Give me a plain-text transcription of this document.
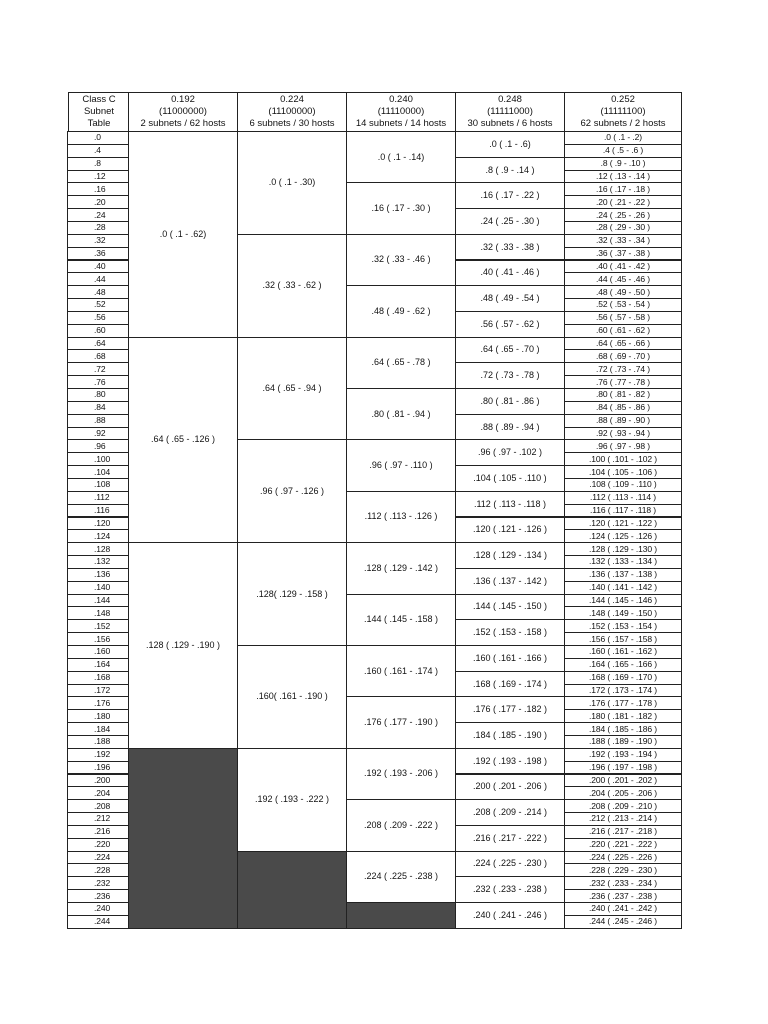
Class C
Subnet
Table
0.192
(11000000)
2 subnets / 62 hosts
0.224
(11100000)
6 subnets / 30 hosts
0.240
(11110000)
14 subnets / 14 hosts
0.248
(11111000)
30 subnets / 6 hosts
0.252
(11111100)
62 subnets / 2 hosts
.0
.4
.8
.12
.16
.20
.24
.28
.32
.36
.40
.44
.48
.52
.56
.60
.64
.68
.72
.76
.80
.84
.88
.92
.96
.100
.104
.108
.112
.116
.120
.124
.128
.132
.136
.140
.144
.148
.152
.156
.160
.164
.168
.172
.176
.180
.184
.188
.192
.196
.200
.204
.208
.212
.216
.220
.224
.228
.232
.236
.240
.244
.0 ( .1 - .62)
.64 ( .65 - .126 )
.128 ( .129 - .190 )
.0 ( .1 - .30)
.32 ( .33 - .62 )
.64 ( .65 - .94 )
.96 ( .97 - .126 )
.128( .129 - .158 )
.160( .161 - .190 )
.192 ( .193 - .222 )
.0 ( .1 - .14)
.16 ( .17 - .30 )
.32 ( .33 - .46 )
.48 ( .49 - .62 )
.64 ( .65 - .78 )
.80 ( .81 - .94 )
.96 ( .97 - .110 )
.112 ( .113 - .126 )
.128 ( .129 - .142 )
.144 ( .145 - .158 )
.160 ( .161 - .174 )
.176 ( .177 - .190 )
.192 ( .193 - .206 )
.208 ( .209 - .222 )
.224 ( .225 - .238 )
.0 ( .1 - .6)
.8 ( .9 - .14 )
.16 ( .17 - .22 )
.24 ( .25 - .30 )
.32 ( .33 - .38 )
.40 ( .41 - .46 )
.48 ( .49 - .54 )
.56 ( .57 - .62 )
.64 ( .65 - .70 )
.72 ( .73 - .78 )
.80 ( .81 - .86 )
.88 ( .89 - .94 )
.96 ( .97 - .102 )
.104 ( .105 - .110 )
.112 ( .113 - .118 )
.120 ( .121 - .126 )
.128 ( .129 - .134 )
.136 ( .137 - .142 )
.144 ( .145 - .150 )
.152 ( .153 - .158 )
.160 ( .161 - .166 )
.168 ( .169 - .174 )
.176 ( .177 - .182 )
.184 ( .185 - .190 )
.192 ( .193 - .198 )
.200 ( .201 - .206 )
.208 ( .209 - .214 )
.216 ( .217 - .222 )
.224 ( .225 - .230 )
.232 ( .233 - .238 )
.240 ( .241 - .246 )
.0 ( .1 - .2)
.4 ( .5 - .6 )
.8 ( .9 - .10 )
.12 ( .13 - .14 )
.16 ( .17 - .18 )
.20 ( .21 - .22 )
.24 ( .25 - .26 )
.28 ( .29 - .30 )
.32 ( .33 - .34 )
.36 ( .37 - .38 )
.40 ( .41 - .42 )
.44 ( .45 - .46 )
.48 ( .49 - .50 )
.52 ( .53 - .54 )
.56 ( .57 - .58 )
.60 ( .61 - .62 )
.64 ( .65 - .66 )
.68 ( .69 - .70 )
.72 ( .73 - .74 )
.76 ( .77 - .78 )
.80 ( .81 - .82 )
.84 ( .85 - .86 )
.88 ( .89 - .90 )
.92 ( .93 - .94 )
.96 ( .97 - .98 )
.100 ( .101 - .102 )
.104 ( .105 - .106 )
.108 ( .109 - .110 )
.112 ( .113 - .114 )
.116 ( .117 - .118 )
.120 ( .121 - .122 )
.124 ( .125 - .126 )
.128 ( .129 - .130 )
.132 ( .133 - .134 )
.136 ( .137 - .138 )
.140 ( .141 - .142 )
.144 ( .145 - .146 )
.148 ( .149 - .150 )
.152 ( .153 - .154 )
.156 ( .157 - .158 )
.160 ( .161 - .162 )
.164 ( .165 - .166 )
.168 ( .169 - .170 )
.172 ( .173 - .174 )
.176 ( .177 - .178 )
.180 ( .181 - .182 )
.184 ( .185 - .186 )
.188 ( .189 - .190 )
.192 ( .193 - .194 )
.196 ( .197 - .198 )
.200 ( .201 - .202 )
.204 ( .205 - .206 )
.208 ( .209 - .210 )
.212 ( .213 - .214 )
.216 ( .217 - .218 )
.220 ( .221 - .222 )
.224 ( .225 - .226 )
.228 ( .229 - .230 )
.232 ( .233 - .234 )
.236 ( .237 - .238 )
.240 ( .241 - .242 )
.244 ( .245 - .246 )
